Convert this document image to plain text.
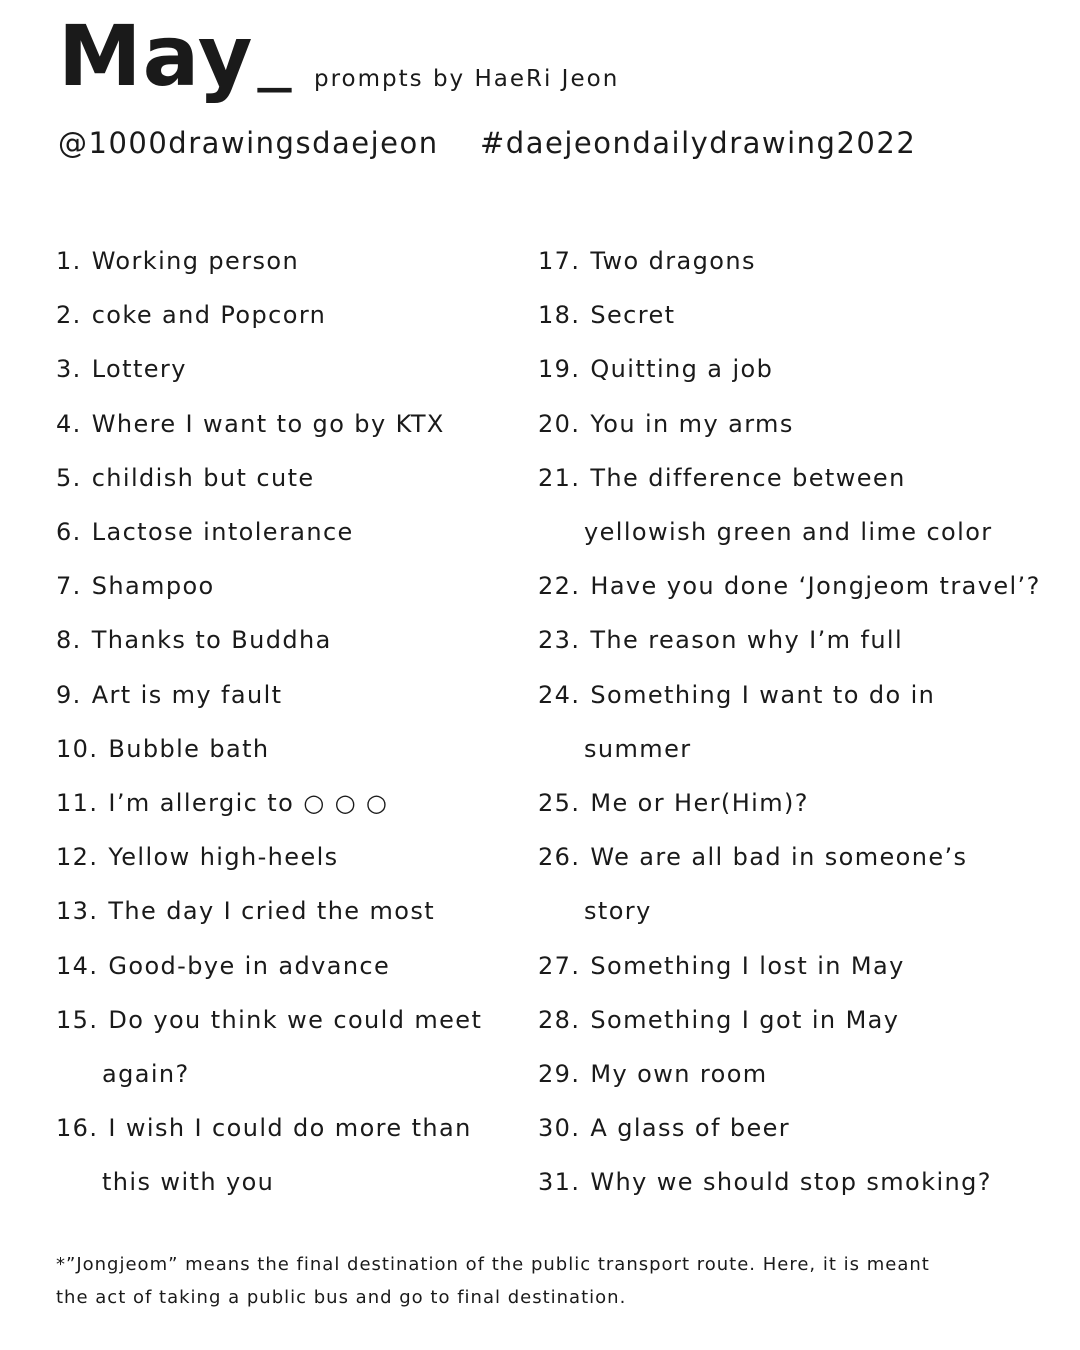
May _ prompts by HaeRi Jeon
@1000drawingsdaejeon #daejeondailydrawing2022
1. Working person
2. coke and Popcorn
3. Lottery
4. Where I want to go by KTX
5. childish but cute
6. Lactose intolerance
7. Shampoo
8. Thanks to Buddha
9. Art is my fault
10. Bubble bath
11. I’m allergic to ○ ○ ○
12. Yellow high-heels
13. The day I cried the most
14. Good-bye in advance
15. Do you think we could meet
again?
16. I wish I could do more than
this with you
17. Two dragons
18. Secret
19. Quitting a job
20. You in my arms
21. The difference between
yellowish green and lime color
22. Have you done ‘Jongjeom travel’?
23. The reason why I’m full
24. Something I want to do in
summer
25. Me or Her(Him)?
26. We are all bad in someone’s
story
27. Something I lost in May
28. Something I got in May
29. My own room
30. A glass of beer
31. Why we should stop smoking?
*”Jongjeom” means the final destination of the public transport route. Here, it is meant
the act of taking a public bus and go to final destination.
